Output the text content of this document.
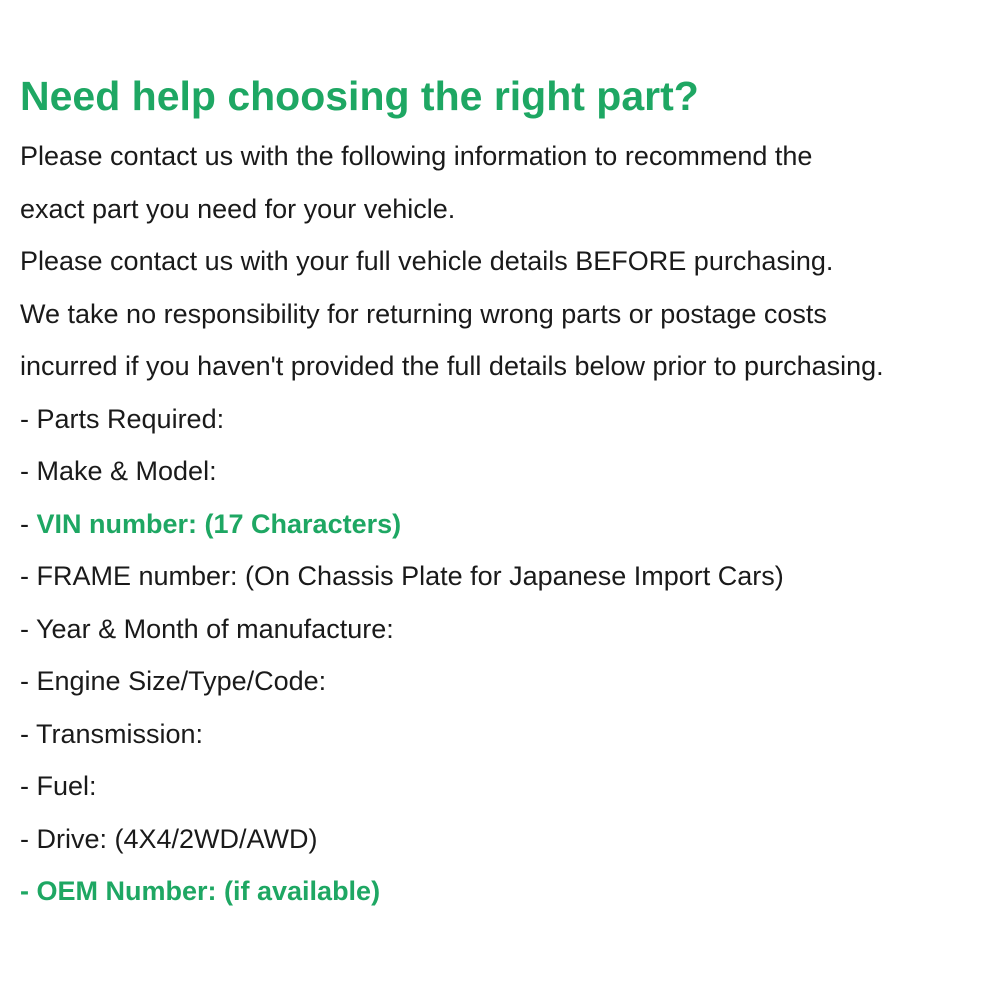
Need help choosing the right part?

Please contact us with the following information to recommend the

exact part you need for your vehicle.

Please contact us with your full vehicle details BEFORE purchasing.

We take no responsibility for returning wrong parts or postage costs

incurred if you haven't provided the full details below prior to purchasing.

- Parts Required:
- Make & Model:
- VIN number: (17 Characters)
- FRAME number: (On Chassis Plate for Japanese Import Cars)
- Year & Month of manufacture:
- Engine Size/Type/Code:
- Transmission:
- Fuel:
- Drive: (4X4/2WD/AWD)
- OEM Number: (if available)
